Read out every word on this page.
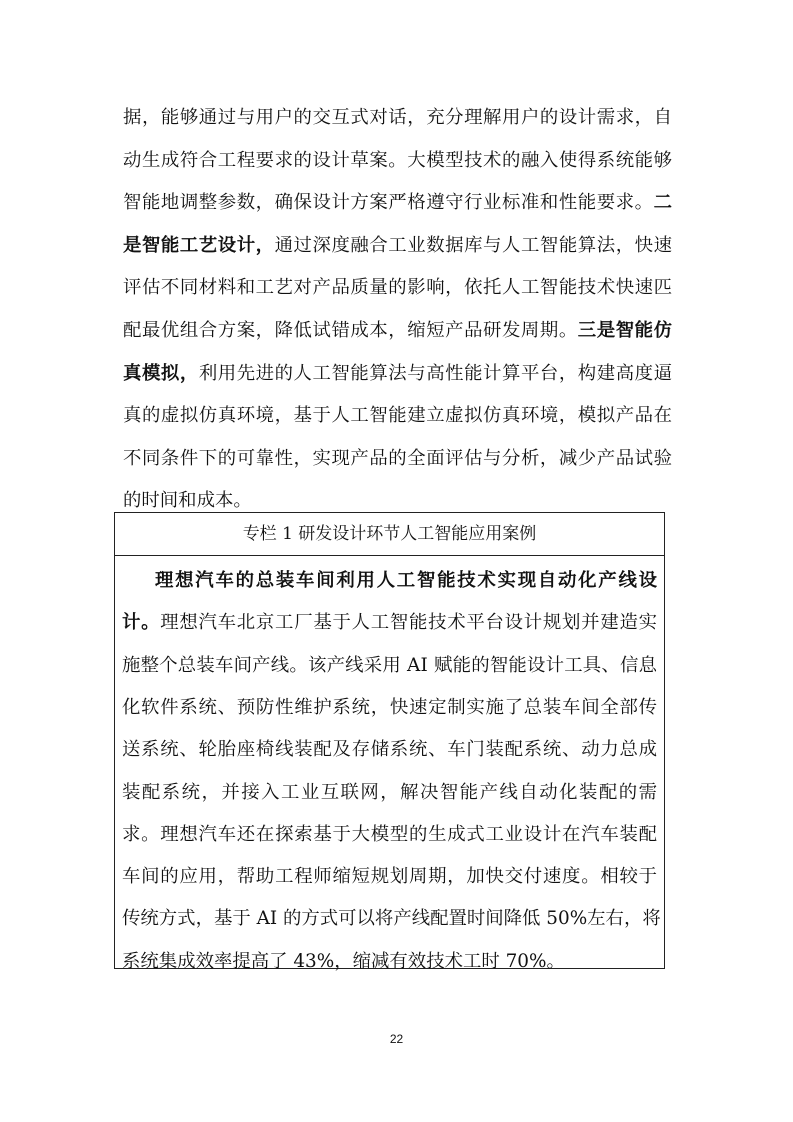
据，能够通过与用户的交互式对话，充分理解用户的设计需求，自
动生成符合工程要求的设计草案。大模型技术的融入使得系统能够
智能地调整参数，确保设计方案严格遵守行业标准和性能要求。二
是智能工艺设计，通过深度融合工业数据库与人工智能算法，快速
评估不同材料和工艺对产品质量的影响，依托人工智能技术快速匹
配最优组合方案，降低试错成本，缩短产品研发周期。三是智能仿
真模拟，利用先进的人工智能算法与高性能计算平台，构建高度逼
真的虚拟仿真环境，基于人工智能建立虚拟仿真环境，模拟产品在
不同条件下的可靠性，实现产品的全面评估与分析，减少产品试验
的时间和成本。
专栏 1 研发设计环节人工智能应用案例
理想汽车的总装车间利用人工智能技术实现自动化产线设
计。理想汽车北京工厂基于人工智能技术平台设计规划并建造实
施整个总装车间产线。该产线采用 AI 赋能的智能设计工具、信息
化软件系统、预防性维护系统，快速定制实施了总装车间全部传
送系统、轮胎座椅线装配及存储系统、车门装配系统、动力总成
装配系统，并接入工业互联网，解决智能产线自动化装配的需
求。理想汽车还在探索基于大模型的生成式工业设计在汽车装配
车间的应用，帮助工程师缩短规划周期，加快交付速度。相较于
传统方式，基于 AI 的方式可以将产线配置时间降低 50%左右，将
系统集成效率提高了 43%，缩减有效技术工时 70%。
22
